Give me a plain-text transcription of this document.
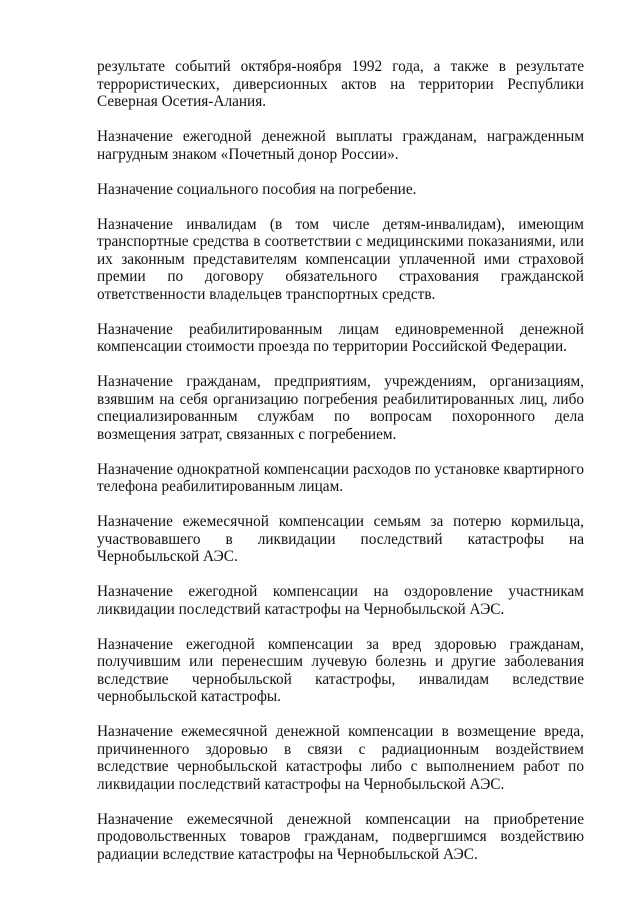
результате событий октября-ноября 1992 года, а также в результате террористических, диверсионных актов на территории Республики Северная Осетия-Алания.

Назначение ежегодной денежной выплаты гражданам, награжденным нагрудным знаком «Почетный донор России».

Назначение социального пособия на погребение.

Назначение инвалидам (в том числе детям-инвалидам), имеющим транспортные средства в соответствии с медицинскими показаниями, или их законным представителям компенсации уплаченной ими страховой премии по договору обязательного страхования гражданской ответственности владельцев транспортных средств.

Назначение реабилитированным лицам единовременной денежной компенсации стоимости проезда по территории Российской Федерации.

Назначение гражданам, предприятиям, учреждениям, организациям, взявшим на себя организацию погребения реабилитированных лиц, либо специализированным службам по вопросам похоронного дела возмещения затрат, связанных с погребением.

Назначение однократной компенсации расходов по установке квартирного телефона реабилитированным лицам.

Назначение ежемесячной компенсации семьям за потерю кормильца, участвовавшего в ликвидации последствий катастрофы на Чернобыльской АЭС.

Назначение ежегодной компенсации на оздоровление участникам ликвидации последствий катастрофы на Чернобыльской АЭС.

Назначение ежегодной компенсации за вред здоровью гражданам, получившим или перенесшим лучевую болезнь и другие заболевания вследствие чернобыльской катастрофы, инвалидам вследствие чернобыльской катастрофы.

Назначение ежемесячной денежной компенсации в возмещение вреда, причиненного здоровью в связи с радиационным воздействием вследствие чернобыльской катастрофы либо с выполнением работ по ликвидации последствий катастрофы на Чернобыльской АЭС.

Назначение ежемесячной денежной компенсации на приобретение продовольственных товаров гражданам, подвергшимся воздействию радиации вследствие катастрофы на Чернобыльской АЭС.
